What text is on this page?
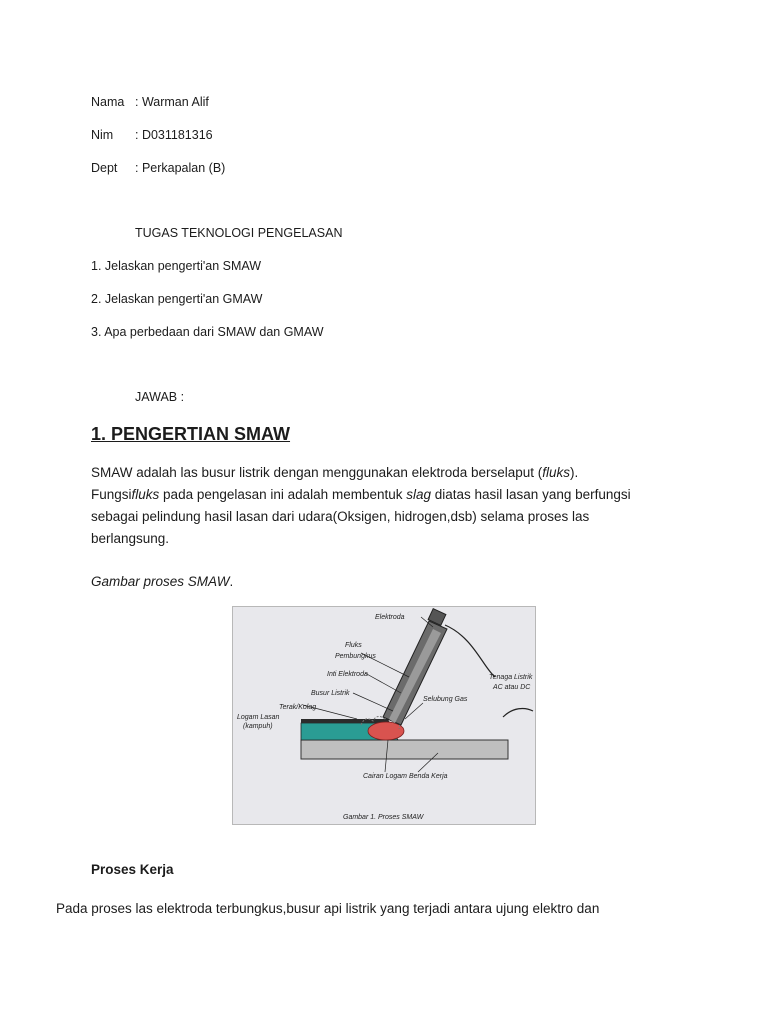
Nama : Warman Alif
Nim : D031181316
Dept : Perkapalan (B)
TUGAS TEKNOLOGI PENGELASAN
1. Jelaskan pengerti'an SMAW
2. Jelaskan pengerti'an GMAW
3. Apa perbedaan dari SMAW dan GMAW
JAWAB :
1. PENGERTIAN SMAW
SMAW adalah las busur listrik dengan menggunakan elektroda berselaput (fluks).
Fungsifluks pada pengelasan ini adalah membentuk slag diatas hasil lasan yang berfungsi
sebagai pelindung hasil lasan dari udara(Oksigen, hidrogen,dsb) selama proses las
berlangsung.
Gambar proses SMAW.
Elektroda
Fluks
Pembungkus
Inti Elektroda
Busur Listrik
Terak/Kolag
Logam Lasan
(kampuh)
Selubung Gas
Tenaga Listrik
AC atau DC
Cairan Logam Benda Kerja
Gambar 1. Proses SMAW
Proses Kerja
Pada proses las elektroda terbungkus,busur api listrik yang terjadi antara ujung elektro dan
